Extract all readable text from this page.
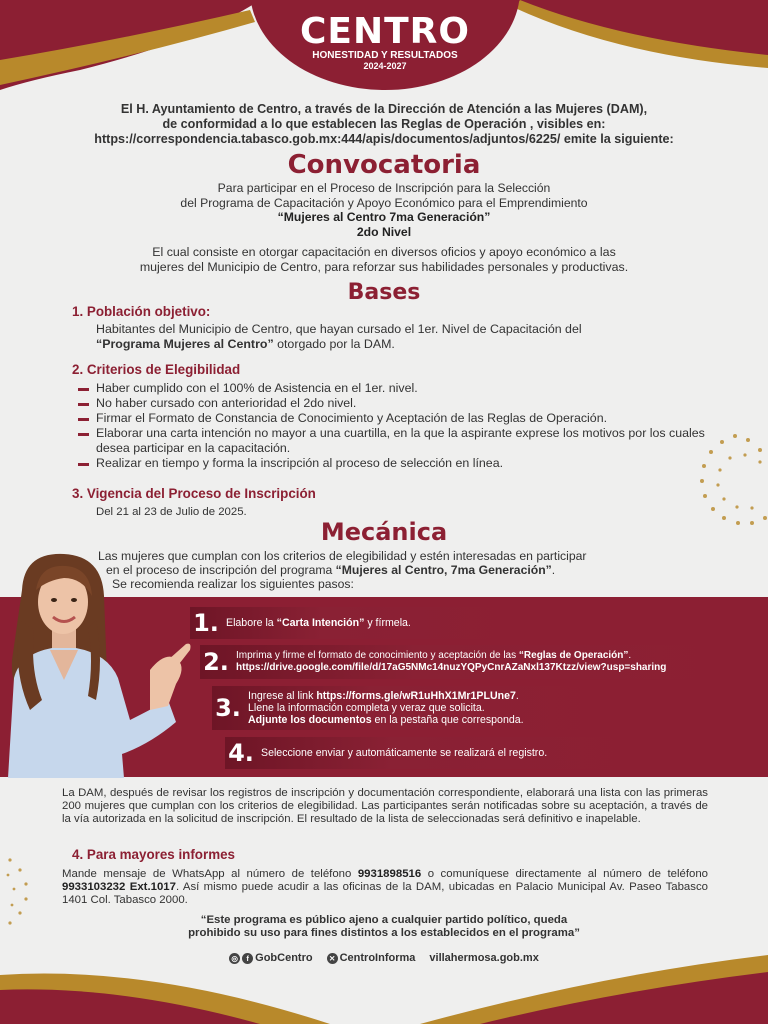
CENTRO
HONESTIDAD Y RESULTADOS
2024-2027
El H. Ayuntamiento de Centro, a través de la Dirección de Atención a las Mujeres (DAM),
de conformidad a lo que establecen las Reglas de Operación , visibles en:
https://correspondencia.tabasco.gob.mx:444/apis/documentos/adjuntos/6225/ emite la siguiente:
Convocatoria
Para participar en el Proceso de Inscripción para la Selección
del Programa de Capacitación y Apoyo Económico para el Emprendimiento
“Mujeres al Centro 7ma Generación”
2do Nivel
El cual consiste en otorgar capacitación en diversos oficios y apoyo económico a las
mujeres del Municipio de Centro, para reforzar sus habilidades personales y productivas.
Bases
1. Población objetivo:
Habitantes del Municipio de Centro, que hayan cursado el 1er. Nivel de Capacitación del
“Programa Mujeres al Centro” otorgado por la DAM.
2. Criterios de Elegibilidad
Haber cumplido con el 100% de Asistencia en el 1er. nivel.
No haber cursado con anterioridad el 2do nivel.
Firmar el Formato de Constancia de Conocimiento y Aceptación de las Reglas de Operación.
Elaborar una carta intención no mayor a una cuartilla, en la que la aspirante exprese los motivos por los cuales desea participar en la capacitación.
Realizar en tiempo y forma la inscripción al proceso de selección en línea.
3. Vigencia del Proceso de Inscripción
Del 21 al 23 de Julio de 2025.
Mecánica
Las mujeres que cumplan con los criterios de elegibilidad y estén interesadas en participar
en el proceso de inscripción del programa “Mujeres al Centro, 7ma Generación”.
Se recomienda realizar los siguientes pasos:
1. Elabore la “Carta Intención” y fírmela.
2. Imprima y firme el formato de conocimiento y aceptación de las “Reglas de Operación”.
https://drive.google.com/file/d/17aG5NMc14nuzYQPyCnrAZaNxl137Ktzz/view?usp=sharing
3. Ingrese al link https://forms.gle/wR1uHhX1Mr1PLUne7.
Llene la información completa y veraz que solicita.
Adjunte los documentos en la pestaña que corresponda.
4. Seleccione enviar y automáticamente se realizará el registro.
La DAM, después de revisar los registros de inscripción y documentación correspondiente, elaborará una lista con las primeras 200 mujeres que cumplan con los criterios de elegibilidad. Las participantes serán notificadas sobre su aceptación, a través de la vía autorizada en la solicitud de inscripción. El resultado de la lista de seleccionadas será definitivo e inapelable.
4. Para mayores informes
Mande mensaje de WhatsApp al número de teléfono 9931898516 o comuníquese directamente al número de teléfono 9933103232 Ext.1017. Así mismo puede acudir a las oficinas de la DAM, ubicadas en Palacio Municipal Av. Paseo Tabasco 1401 Col. Tabasco 2000.
“Este programa es público ajeno a cualquier partido político, queda
prohibido su uso para fines distintos a los establecidos en el programa”
◎ f GobCentro	✕ CentroInforma villahermosa.gob.mx
